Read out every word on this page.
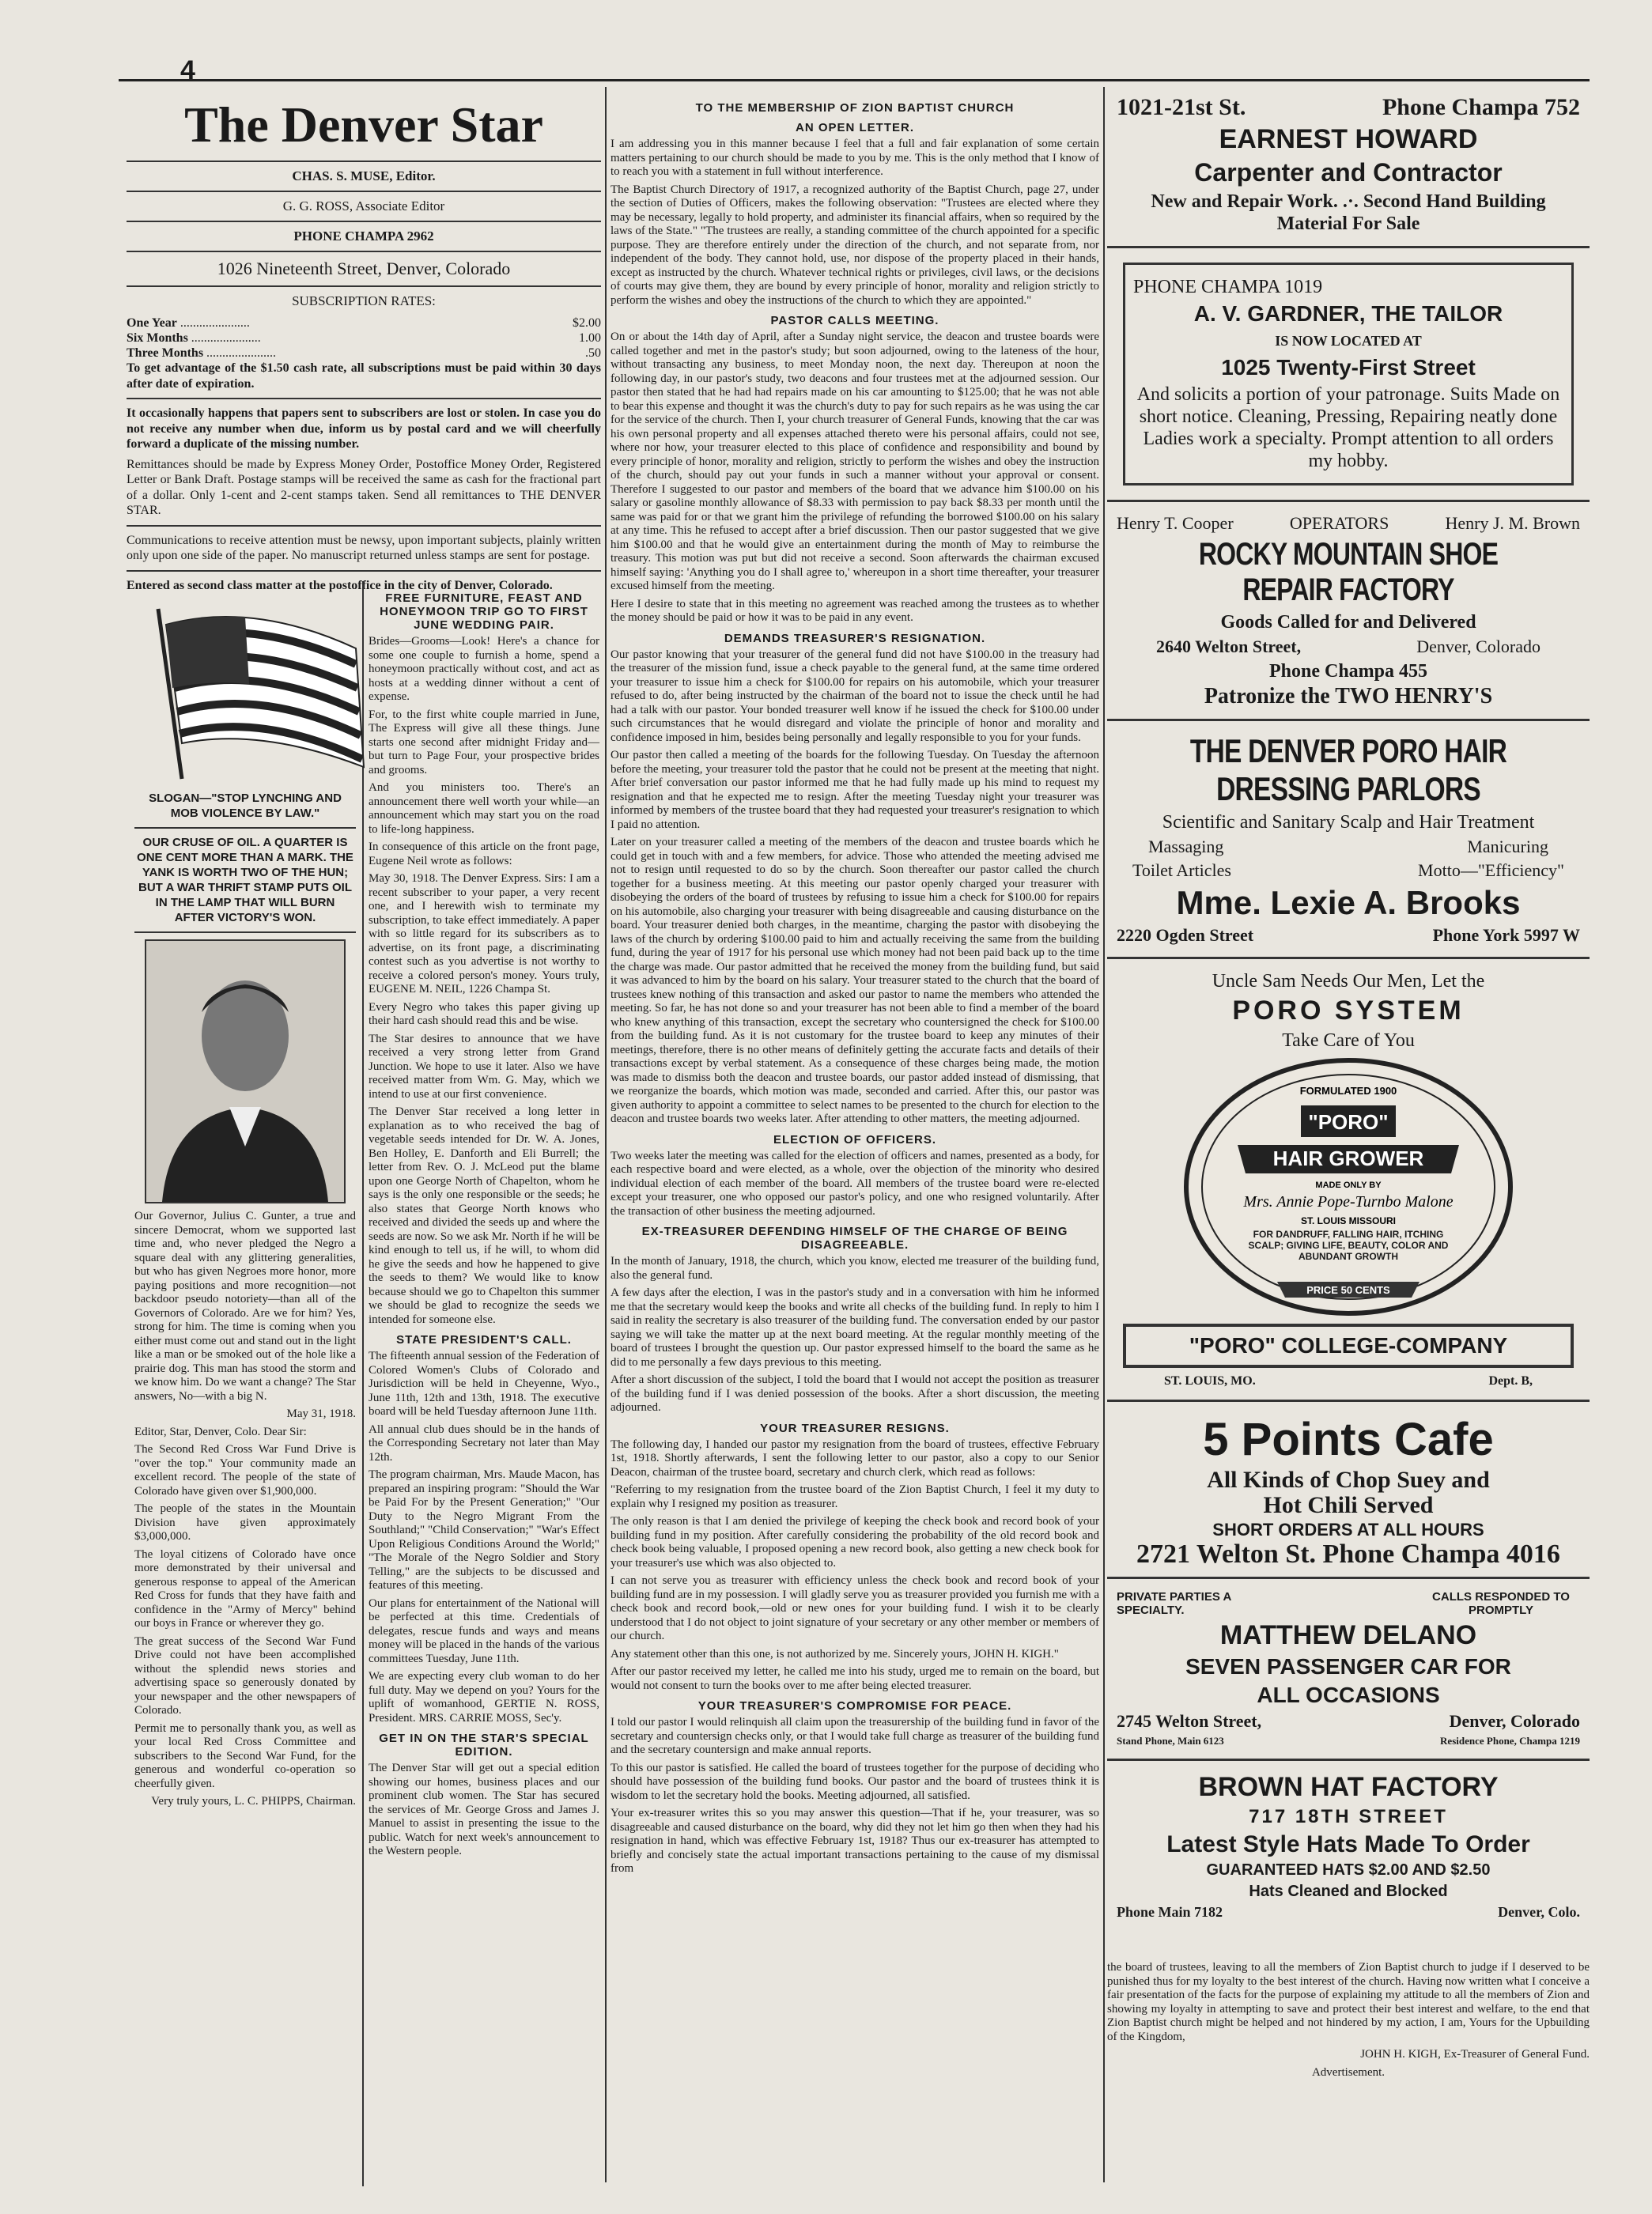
4
The Denver Star
CHAS. S. MUSE, Editor.
G. G. ROSS, Associate Editor
PHONE CHAMPA 2962
1026 Nineteenth Street, Denver, Colorado
SUBSCRIPTION RATES:

One Year ......................	$2.00

Six Months ......................	1.00

Three Months ......................	.50

To get advantage of the $1.50 cash rate, all subscriptions must be paid within 30 days after date of expiration.

It occasionally happens that papers sent to subscribers are lost or stolen. In case you do not receive any number when due, inform us by postal card and we will cheerfully forward a duplicate of the missing number.

Remittances should be made by Express Money Order, Postoffice Money Order, Registered Letter or Bank Draft. Postage stamps will be received the same as cash for the fractional part of a dollar. Only 1-cent and 2-cent stamps taken. Send all remittances to THE DENVER STAR.

Communications to receive attention must be newsy, upon important subjects, plainly written only upon one side of the paper. No manuscript returned unless stamps are sent for postage.

Entered as second class matter at the postoffice in the city of Denver, Colorado.

SLOGAN—"STOP LYNCHING AND MOB VIOLENCE BY LAW."
OUR CRUSE OF OIL. A QUARTER IS ONE CENT MORE THAN A MARK. THE YANK IS WORTH TWO OF THE HUN; BUT A WAR THRIFT STAMP PUTS OIL IN THE LAMP THAT WILL BURN AFTER VICTORY'S WON.

Our Governor, Julius C. Gunter, a true and sincere Democrat, whom we supported last time and, who never pledged the Negro a square deal with any glittering generalities, but who has given Negroes more honor, more paying positions and more recognition—not backdoor pseudo notoriety—than all of the Governors of Colorado. Are we for him? Yes, strong for him. The time is coming when you either must come out and stand out in the light like a man or be smoked out of the hole like a prairie dog. This man has stood the storm and we know him. Do we want a change? The Star answers, No—with a big N.

May 31, 1918.

Editor, Star, Denver, Colo. Dear Sir:

The Second Red Cross War Fund Drive is "over the top." Your community made an excellent record. The people of the state of Colorado have given over $1,900,000.

The people of the states in the Mountain Division have given approximately $3,000,000.

The loyal citizens of Colorado have once more demonstrated by their universal and generous response to appeal of the American Red Cross for funds that they have faith and confidence in the "Army of Mercy" behind our boys in France or wherever they go.

The great success of the Second War Fund Drive could not have been accomplished without the splendid news stories and advertising space so generously donated by your newspaper and the other newspapers of Colorado.

Permit me to personally thank you, as well as your local Red Cross Committee and subscribers to the Second War Fund, for the generous and wonderful co-operation so cheerfully given.

Very truly yours, L. C. PHIPPS, Chairman.

FREE FURNITURE, FEAST AND HONEYMOON TRIP GO TO FIRST JUNE WEDDING PAIR.

Brides—Grooms—Look! Here's a chance for some one couple to furnish a home, spend a honeymoon practically without cost, and act as hosts at a wedding dinner without a cent of expense.

For, to the first white couple married in June, The Express will give all these things. June starts one second after midnight Friday and—but turn to Page Four, your prospective brides and grooms.

And you ministers too. There's an announcement there well worth your while—an announcement which may start you on the road to life-long happiness.

In consequence of this article on the front page, Eugene Neil wrote as follows:

May 30, 1918. The Denver Express. Sirs: I am a recent subscriber to your paper, a very recent one, and I herewith wish to terminate my subscription, to take effect immediately. A paper with so little regard for its subscribers as to advertise, on its front page, a discriminating contest such as you advertise is not worthy to receive a colored person's money. Yours truly, EUGENE M. NEIL, 1226 Champa St.

Every Negro who takes this paper giving up their hard cash should read this and be wise.

The Star desires to announce that we have received a very strong letter from Grand Junction. We hope to use it later. Also we have received matter from Wm. G. May, which we intend to use at our first convenience.

The Denver Star received a long letter in explanation as to who received the bag of vegetable seeds intended for Dr. W. A. Jones, Ben Holley, E. Danforth and Eli Burrell; the letter from Rev. O. J. McLeod put the blame upon one George North of Chapelton, whom he says is the only one responsible or the seeds; he also states that George North knows who received and divided the seeds up and where the seeds are now. So we ask Mr. North if he will be kind enough to tell us, if he will, to whom did he give the seeds and how he happened to give the seeds to them? We would like to know because should we go to Chapelton this summer we should be glad to recognize the seeds we intended for someone else.

STATE PRESIDENT'S CALL.

The fifteenth annual session of the Federation of Colored Women's Clubs of Colorado and Jurisdiction will be held in Cheyenne, Wyo., June 11th, 12th and 13th, 1918. The executive board will be held Tuesday afternoon June 11th.

All annual club dues should be in the hands of the Corresponding Secretary not later than May 12th.

The program chairman, Mrs. Maude Macon, has prepared an inspiring program: "Should the War be Paid For by the Present Generation;" "Our Duty to the Negro Migrant From the Southland;" "Child Conservation;" "War's Effect Upon Religious Conditions Around the World;" "The Morale of the Negro Soldier and Story Telling," are the subjects to be discussed and features of this meeting.

Our plans for entertainment of the National will be perfected at this time. Credentials of delegates, rescue funds and ways and means money will be placed in the hands of the various committees Tuesday, June 11th.

We are expecting every club woman to do her full duty. May we depend on you? Yours for the uplift of womanhood, GERTIE N. ROSS, President. MRS. CARRIE MOSS, Sec'y.

GET IN ON THE STAR'S SPECIAL EDITION.

The Denver Star will get out a special edition showing our homes, business places and our prominent club women. The Star has secured the services of Mr. George Gross and James J. Manuel to assist in presenting the issue to the public. Watch for next week's announcement to the Western people.

TO THE MEMBERSHIP OF ZION BAPTIST CHURCH
AN OPEN LETTER.

I am addressing you in this manner because I feel that a full and fair explanation of some certain matters pertaining to our church should be made to you by me. This is the only method that I know of to reach you with a statement in full without interference.

The Baptist Church Directory of 1917, a recognized authority of the Baptist Church, page 27, under the section of Duties of Officers, makes the following observation: "Trustees are elected where they may be necessary, legally to hold property, and administer its financial affairs, when so required by the laws of the State." "The trustees are really, a standing committee of the church appointed for a specific purpose. They are therefore entirely under the direction of the church, and not separate from, nor independent of the body. They cannot hold, use, nor dispose of the property placed in their hands, except as instructed by the church. Whatever technical rights or privileges, civil laws, or the decisions of courts may give them, they are bound by every principle of honor, morality and religion strictly to perform the wishes and obey the instructions of the church to which they are appointed."

PASTOR CALLS MEETING.

On or about the 14th day of April, after a Sunday night service, the deacon and trustee boards were called together and met in the pastor's study; but soon adjourned, owing to the lateness of the hour, without transacting any business, to meet Monday noon, the next day. Thereupon at noon the following day, in our pastor's study, two deacons and four trustees met at the adjourned session. Our pastor then stated that he had had repairs made on his car amounting to $125.00; that he was not able to bear this expense and thought it was the church's duty to pay for such repairs as he was using the car for the service of the church. Then I, your church treasurer of General Funds, knowing that the car was his own personal property and all expenses attached thereto were his personal affairs, could not see, where nor how, your treasurer elected to this place of confidence and responsibility and bound by every principle of honor, morality and religion, strictly to perform the wishes and obey the instruction of the church, should pay out your funds in such a manner without your approval or consent. Therefore I suggested to our pastor and members of the board that we advance him $100.00 on his salary or gasoline monthly allowance of $8.33 with permission to pay back $8.33 per month until the same was paid for or that we grant him the privilege of refunding the borrowed $100.00 on his salary at any time. This he refused to accept after a brief discussion. Then our pastor suggested that we give him $100.00 and that he would give an entertainment during the month of May to reimburse the treasury. This motion was put but did not receive a second. Soon afterwards the chairman excused himself saying: 'Anything you do I shall agree to,' whereupon in a short time thereafter, your treasurer excused himself from the meeting.

Here I desire to state that in this meeting no agreement was reached among the trustees as to whether the money should be paid or how it was to be paid in any event.

DEMANDS TREASURER'S RESIGNATION.

Our pastor knowing that your treasurer of the general fund did not have $100.00 in the treasury had the treasurer of the mission fund, issue a check payable to the general fund, at the same time ordered your treasurer to issue him a check for $100.00 for repairs on his automobile, which your treasurer refused to do, after being instructed by the chairman of the board not to issue the check until he had had a talk with our pastor. Your bonded treasurer well know if he issued the check for $100.00 under such circumstances that he would disregard and violate the principle of honor and morality and confidence imposed in him, besides being personally and legally responsible to you for your funds.

Our pastor then called a meeting of the boards for the following Tuesday. On Tuesday the afternoon before the meeting, your treasurer told the pastor that he could not be present at the meeting that night. After brief conversation our pastor informed me that he had fully made up his mind to request my resignation and that he expected me to resign. After the meeting Tuesday night your treasurer was informed by members of the trustee board that they had requested your treasurer's resignation to which I paid no attention.

Later on your treasurer called a meeting of the members of the deacon and trustee boards which he could get in touch with and a few members, for advice. Those who attended the meeting advised me not to resign until requested to do so by the church. Soon thereafter our pastor called the church together for a business meeting. At this meeting our pastor openly charged your treasurer with disobeying the orders of the board of trustees by refusing to issue him a check for $100.00 for repairs on his automobile, also charging your treasurer with being disagreeable and causing disturbance on the board. Your treasurer denied both charges, in the meantime, charging the pastor with disobeying the laws of the church by ordering $100.00 paid to him and actually receiving the same from the building fund, during the year of 1917 for his personal use which money had not been paid back up to the time the charge was made. Our pastor admitted that he received the money from the building fund, but said it was advanced to him by the board on his salary. Your treasurer stated to the church that the board of trustees knew nothing of this transaction and asked our pastor to name the members who attended the meeting. So far, he has not done so and your treasurer has not been able to find a member of the board who knew anything of this transaction, except the secretary who countersigned the check for $100.00 from the building fund. As it is not customary for the trustee board to keep any minutes of their meetings, therefore, there is no other means of definitely getting the accurate facts and details of their transactions except by verbal statement. As a consequence of these charges being made, the motion was made to dismiss both the deacon and trustee boards, our pastor added instead of dismissing, that we reorganize the boards, which motion was made, seconded and carried. After this, our pastor was given authority to appoint a committee to select names to be presented to the church for election to the deacon and trustee boards two weeks later. After attending to other matters, the meeting adjourned.

ELECTION OF OFFICERS.

Two weeks later the meeting was called for the election of officers and names, presented as a body, for each respective board and were elected, as a whole, over the objection of the minority who desired individual election of each member of the board. All members of the trustee board were re-elected except your treasurer, one who opposed our pastor's policy, and one who resigned voluntarily. After the transaction of other business the meeting adjourned.

EX-TREASURER DEFENDING HIMSELF OF THE CHARGE OF BEING DISAGREEABLE.

In the month of January, 1918, the church, which you know, elected me treasurer of the building fund, also the general fund.

A few days after the election, I was in the pastor's study and in a conversation with him he informed me that the secretary would keep the books and write all checks of the building fund. In reply to him I said in reality the secretary is also treasurer of the building fund. The conversation ended by our pastor saying we will take the matter up at the next board meeting. At the regular monthly meeting of the board of trustees I brought the question up. Our pastor expressed himself to the board the same as he did to me personally a few days previous to this meeting.

After a short discussion of the subject, I told the board that I would not accept the position as treasurer of the building fund if I was denied possession of the books. After a short discussion, the meeting adjourned.

YOUR TREASURER RESIGNS.

The following day, I handed our pastor my resignation from the board of trustees, effective February 1st, 1918. Shortly afterwards, I sent the following letter to our pastor, also a copy to our Senior Deacon, chairman of the trustee board, secretary and church clerk, which read as follows:

"Referring to my resignation from the trustee board of the Zion Baptist Church, I feel it my duty to explain why I resigned my position as treasurer.

The only reason is that I am denied the privilege of keeping the check book and record book of your building fund in my position. After carefully considering the probability of the old record book and check book being valuable, I proposed opening a new record book, also getting a new check book for your treasurer's use which was also objected to.

I can not serve you as treasurer with efficiency unless the check book and record book of your building fund are in my possession. I will gladly serve you as treasurer provided you furnish me with a check book and record book,—old or new ones for your building fund. I wish it to be clearly understood that I do not object to joint signature of your secretary or any other member or members of our church.

Any statement other than this one, is not authorized by me. Sincerely yours, JOHN H. KIGH."

After our pastor received my letter, he called me into his study, urged me to remain on the board, but would not consent to turn the books over to me after being elected treasurer.

YOUR TREASURER'S COMPROMISE FOR PEACE.

I told our pastor I would relinquish all claim upon the treasurership of the building fund in favor of the secretary and countersign checks only, or that I would take full charge as treasurer of the building fund and the secretary countersign and make annual reports.

To this our pastor is satisfied. He called the board of trustees together for the purpose of deciding who should have possession of the building fund books. Our pastor and the board of trustees think it is wisdom to let the secretary hold the books. Meeting adjourned, all satisfied.

Your ex-treasurer writes this so you may answer this question—That if he, your treasurer, was so disagreeable and caused disturbance on the board, why did they not let him go then when they had his resignation in hand, which was effective February 1st, 1918? Thus our ex-treasurer has attempted to briefly and concisely state the actual important transactions pertaining to the cause of my dismissal from

the board of trustees, leaving to all the members of Zion Baptist church to judge if I deserved to be punished thus for my loyalty to the best interest of the church. Having now written what I conceive a fair presentation of the facts for the purpose of explaining my attitude to all the members of Zion and showing my loyalty in attempting to save and protect their best interest and welfare, to the end that Zion Baptist church might be helped and not hindered by my action, I am, Yours for the Upbuilding of the Kingdom,

JOHN H. KIGH, Ex-Treasurer of General Fund.

Advertisement.

1021-21st St.	Phone Champa 752
EARNEST HOWARD
Carpenter and Contractor
New and Repair Work. .·. Second Hand Building Material For Sale
PHONE CHAMPA 1019
A. V. GARDNER, THE TAILOR
IS NOW LOCATED AT
1025 Twenty-First Street
And solicits a portion of your patronage. Suits Made on short notice. Cleaning, Pressing, Repairing neatly done Ladies work a specialty. Prompt attention to all orders my hobby.
Henry T. Cooper	OPERATORS	Henry J. M. Brown
ROCKY MOUNTAIN SHOE REPAIR FACTORY
Goods Called for and Delivered
2640 Welton Street,	Denver, Colorado
Phone Champa 455
Patronize the TWO HENRY'S
THE DENVER PORO HAIR DRESSING PARLORS
Scientific and Sanitary Scalp and Hair Treatment
Massaging	Manicuring
Toilet Articles	Motto—"Efficiency"
Mme. Lexie A. Brooks
2220 Ogden Street	Phone York 5997 W
Uncle Sam Needs Our Men, Let the
PORO SYSTEM
Take Care of You
FORMULATED 1900
"PORO"
HAIR GROWER
MADE ONLY BY
Mrs. Annie Pope-Turnbo Malone
ST. LOUIS MISSOURI
FOR DANDRUFF, FALLING HAIR, ITCHING SCALP; GIVING LIFE, BEAUTY, COLOR AND ABUNDANT GROWTH
PRICE 50 CENTS
"PORO" COLLEGE-COMPANY
ST. LOUIS, MO.	Dept. B,
5 Points Cafe
All Kinds of Chop Suey and
Hot Chili Served
SHORT ORDERS AT ALL HOURS
2721 Welton St. Phone Champa 4016
PRIVATE PARTIES A SPECIALTY.
CALLS RESPONDED TO PROMPTLY
MATTHEW DELANO
SEVEN PASSENGER CAR FOR
ALL OCCASIONS
2745 Welton Street,	Denver, Colorado
Stand Phone, Main 6123	Residence Phone, Champa 1219
BROWN HAT FACTORY
717 18TH STREET
Latest Style Hats Made To Order
GUARANTEED HATS $2.00 AND $2.50
Hats Cleaned and Blocked
Phone Main 7182	Denver, Colo.
